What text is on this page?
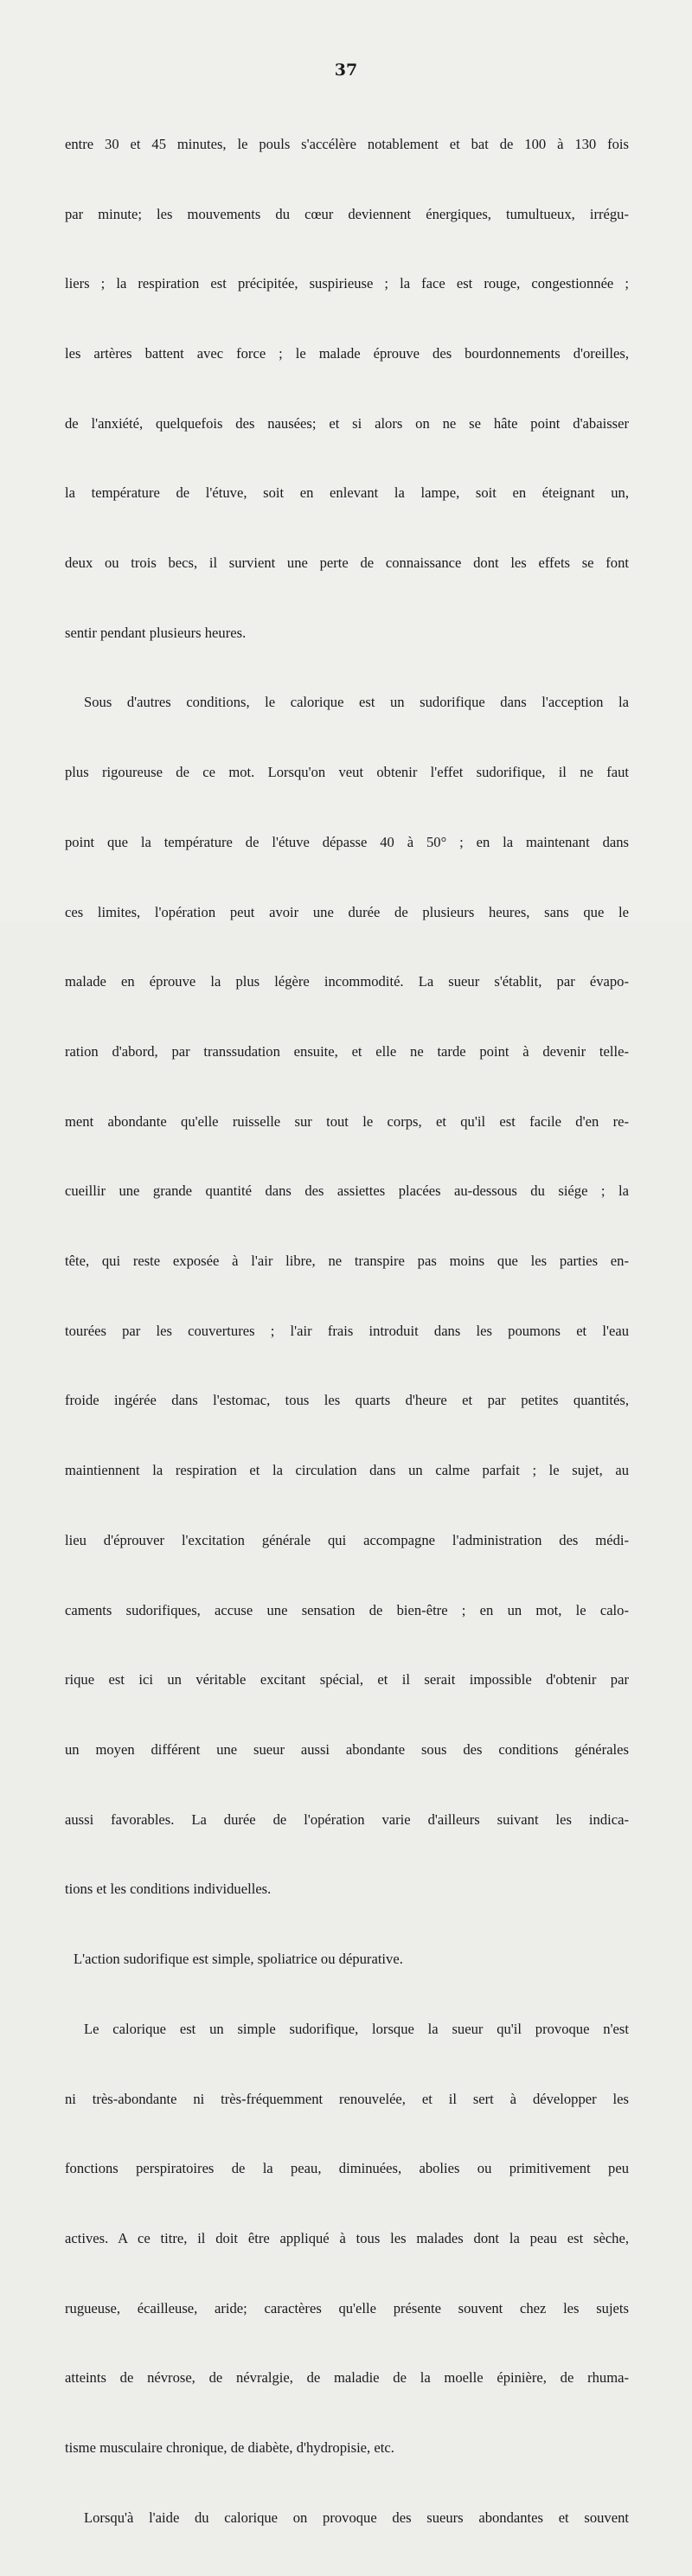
37

entre 30 et 45 minutes, le pouls s'accélère notablement et bat de 100 à 130 fois

par minute; les mouvements du cœur deviennent énergiques, tumultueux, irrégu-

liers ; la respiration est précipitée, suspirieuse ; la face est rouge, congestionnée ;

les artères battent avec force ; le malade éprouve des bourdonnements d'oreilles,

de l'anxiété, quelquefois des nausées; et si alors on ne se hâte point d'abaisser

la température de l'étuve, soit en enlevant la lampe, soit en éteignant un,

deux ou trois becs, il survient une perte de connaissance dont les effets se font

sentir pendant plusieurs heures.

Sous d'autres conditions, le calorique est un sudorifique dans l'acception la

plus rigoureuse de ce mot. Lorsqu'on veut obtenir l'effet sudorifique, il ne faut

point que la température de l'étuve dépasse 40 à 50° ; en la maintenant dans

ces limites, l'opération peut avoir une durée de plusieurs heures, sans que le

malade en éprouve la plus légère incommodité. La sueur s'établit, par évapo-

ration d'abord, par transsudation ensuite, et elle ne tarde point à devenir telle-

ment abondante qu'elle ruisselle sur tout le corps, et qu'il est facile d'en re-

cueillir une grande quantité dans des assiettes placées au-dessous du siége ; la

tête, qui reste exposée à l'air libre, ne transpire pas moins que les parties en-

tourées par les couvertures ; l'air frais introduit dans les poumons et l'eau

froide ingérée dans l'estomac, tous les quarts d'heure et par petites quantités,

maintiennent la respiration et la circulation dans un calme parfait ; le sujet, au

lieu d'éprouver l'excitation générale qui accompagne l'administration des médi-

caments sudorifiques, accuse une sensation de bien-être ; en un mot, le calo-

rique est ici un véritable excitant spécial, et il serait impossible d'obtenir par

un moyen différent une sueur aussi abondante sous des conditions générales

aussi favorables. La durée de l'opération varie d'ailleurs suivant les indica-

tions et les conditions individuelles.

L'action sudorifique est simple, spoliatrice ou dépurative.

Le calorique est un simple sudorifique, lorsque la sueur qu'il provoque n'est

ni très-abondante ni très-fréquemment renouvelée, et il sert à développer les

fonctions perspiratoires de la peau, diminuées, abolies ou primitivement peu

actives. A ce titre, il doit être appliqué à tous les malades dont la peau est sèche,

rugueuse, écailleuse, aride; caractères qu'elle présente souvent chez les sujets

atteints de névrose, de névralgie, de maladie de la moelle épinière, de rhuma-

tisme musculaire chronique, de diabète, d'hydropisie, etc.

Lorsqu'à l'aide du calorique on provoque des sueurs abondantes et souvent
